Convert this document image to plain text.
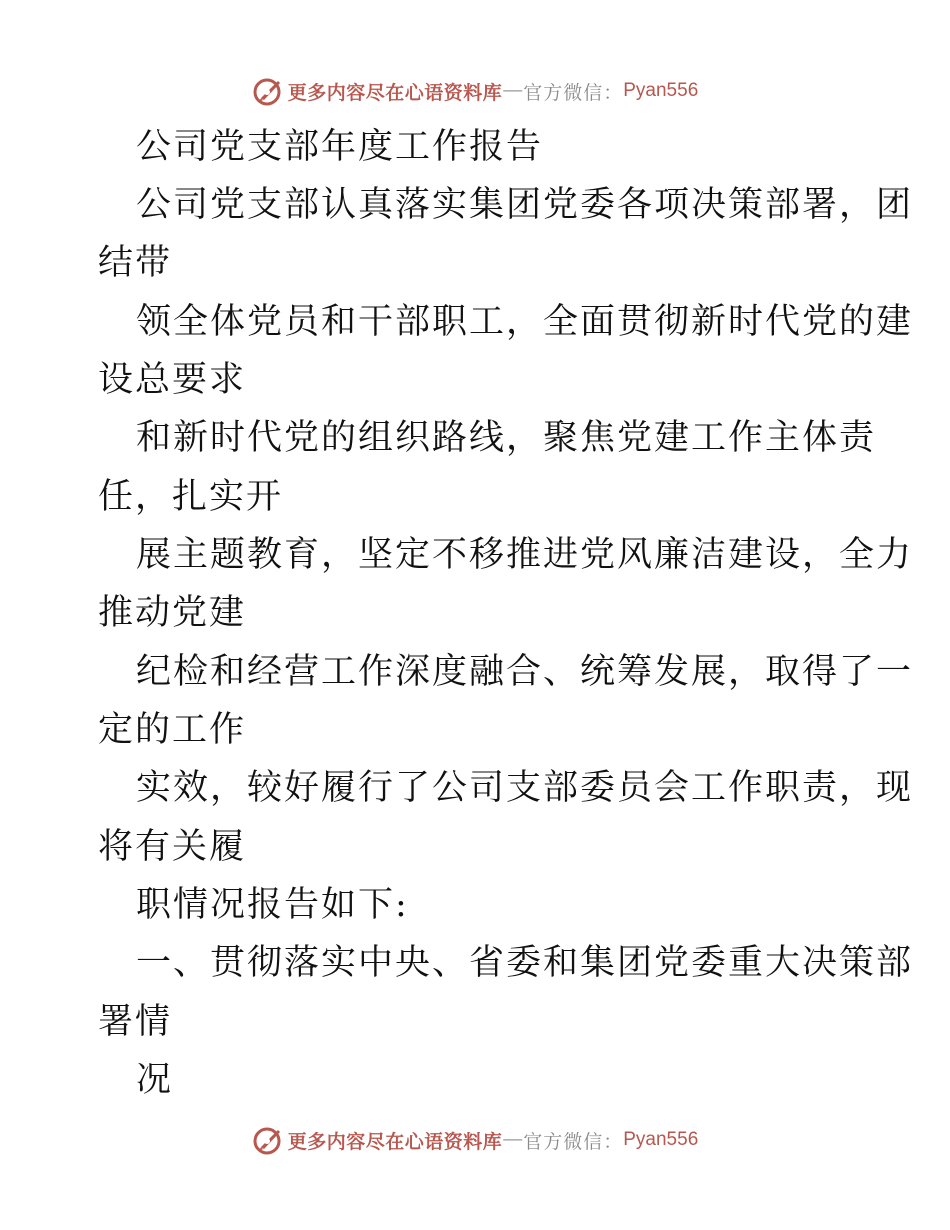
更多内容尽在心语资料库 — 官方微信： Pyan556
公司党支部年度工作报告
公司党支部认真落实集团党委各项决策部署，团
结带
领全体党员和干部职工，全面贯彻新时代党的建
设总要求
和新时代党的组织路线，聚焦党建工作主体责
任，扎实开
展主题教育，坚定不移推进党风廉洁建设，全力
推动党建
纪检和经营工作深度融合、统筹发展，取得了一
定的工作
实效，较好履行了公司支部委员会工作职责，现
将有关履
职情况报告如下:
一、贯彻落实中央、省委和集团党委重大决策部
署情
况
更多内容尽在心语资料库 — 官方微信： Pyan556
